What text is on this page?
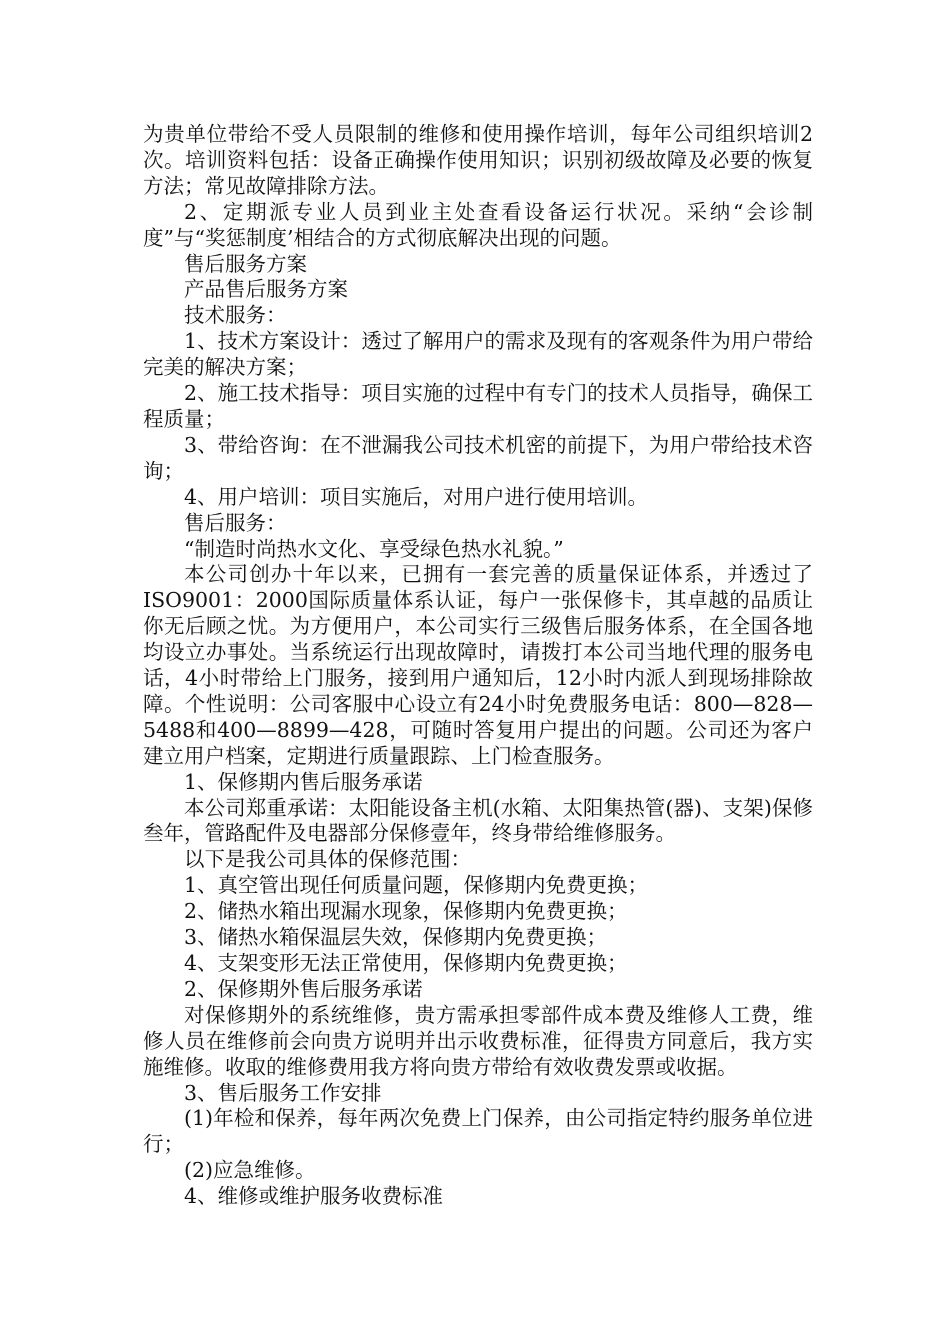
为贵单位带给不受人员限制的维修和使用操作培训，每年公司组织培训2次。培训资料包括：设备正确操作使用知识；识别初级故障及必要的恢复方法；常见故障排除方法。

2、定期派专业人员到业主处查看设备运行状况。采纳“会诊制度”与“奖惩制度’相结合的方式彻底解决出现的问题。

售后服务方案

产品售后服务方案

技术服务：

1、技术方案设计：透过了解用户的需求及现有的客观条件为用户带给完美的解决方案；

2、施工技术指导：项目实施的过程中有专门的技术人员指导，确保工程质量；

3、带给咨询：在不泄漏我公司技术机密的前提下，为用户带给技术咨询；

4、用户培训：项目实施后，对用户进行使用培训。

售后服务：

“制造时尚热水文化、享受绿色热水礼貌。”

本公司创办十年以来，已拥有一套完善的质量保证体系，并透过了ISO9001：2000国际质量体系认证，每户一张保修卡，其卓越的品质让你无后顾之忧。为方便用户，本公司实行三级售后服务体系，在全国各地均设立办事处。当系统运行出现故障时，请拨打本公司当地代理的服务电话，4小时带给上门服务，接到用户通知后，12小时内派人到现场排除故障。个性说明：公司客服中心设立有24小时免费服务电话：800—828—5488和400—8899—428，可随时答复用户提出的问题。公司还为客户建立用户档案，定期进行质量跟踪、上门检查服务。

1、保修期内售后服务承诺

本公司郑重承诺：太阳能设备主机(水箱、太阳集热管(器)、支架)保修叁年，管路配件及电器部分保修壹年，终身带给维修服务。

以下是我公司具体的保修范围：

1、真空管出现任何质量问题，保修期内免费更换；

2、储热水箱出现漏水现象，保修期内免费更换；

3、储热水箱保温层失效，保修期内免费更换；

4、支架变形无法正常使用，保修期内免费更换；

2、保修期外售后服务承诺

对保修期外的系统维修，贵方需承担零部件成本费及维修人工费，维修人员在维修前会向贵方说明并出示收费标准，征得贵方同意后，我方实施维修。收取的维修费用我方将向贵方带给有效收费发票或收据。

3、售后服务工作安排

(1)年检和保养，每年两次免费上门保养，由公司指定特约服务单位进行；

(2)应急维修。

4、维修或维护服务收费标准
